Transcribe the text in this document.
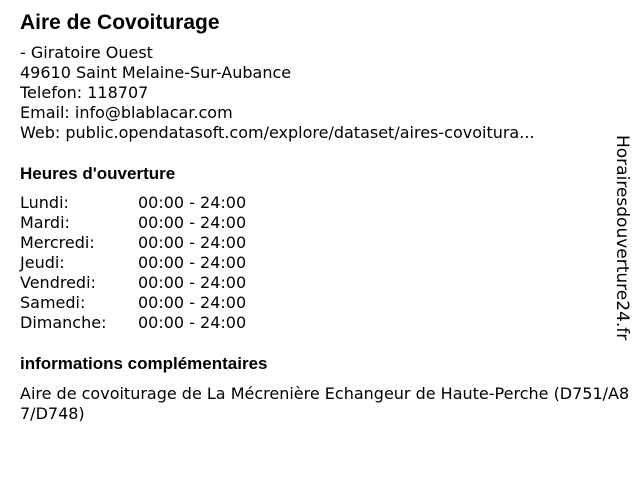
Aire de Covoiturage
- Giratoire Ouest
49610 Saint Melaine-Sur-Aubance
Telefon: 118707
Email: info@blablacar.com
Web: public.opendatasoft.com/explore/dataset/aires-covoitura...
Heures d'ouverture
Lundi:	00:00 - 24:00
Mardi:	00:00 - 24:00
Mercredi:	00:00 - 24:00
Jeudi:	00:00 - 24:00
Vendredi:	00:00 - 24:00
Samedi:	00:00 - 24:00
Dimanche:	00:00 - 24:00
informations complémentaires
Aire de covoiturage de La Mécrenière Echangeur de Haute-Perche (D751/A87/D748)
Horairesdouverture24.fr
